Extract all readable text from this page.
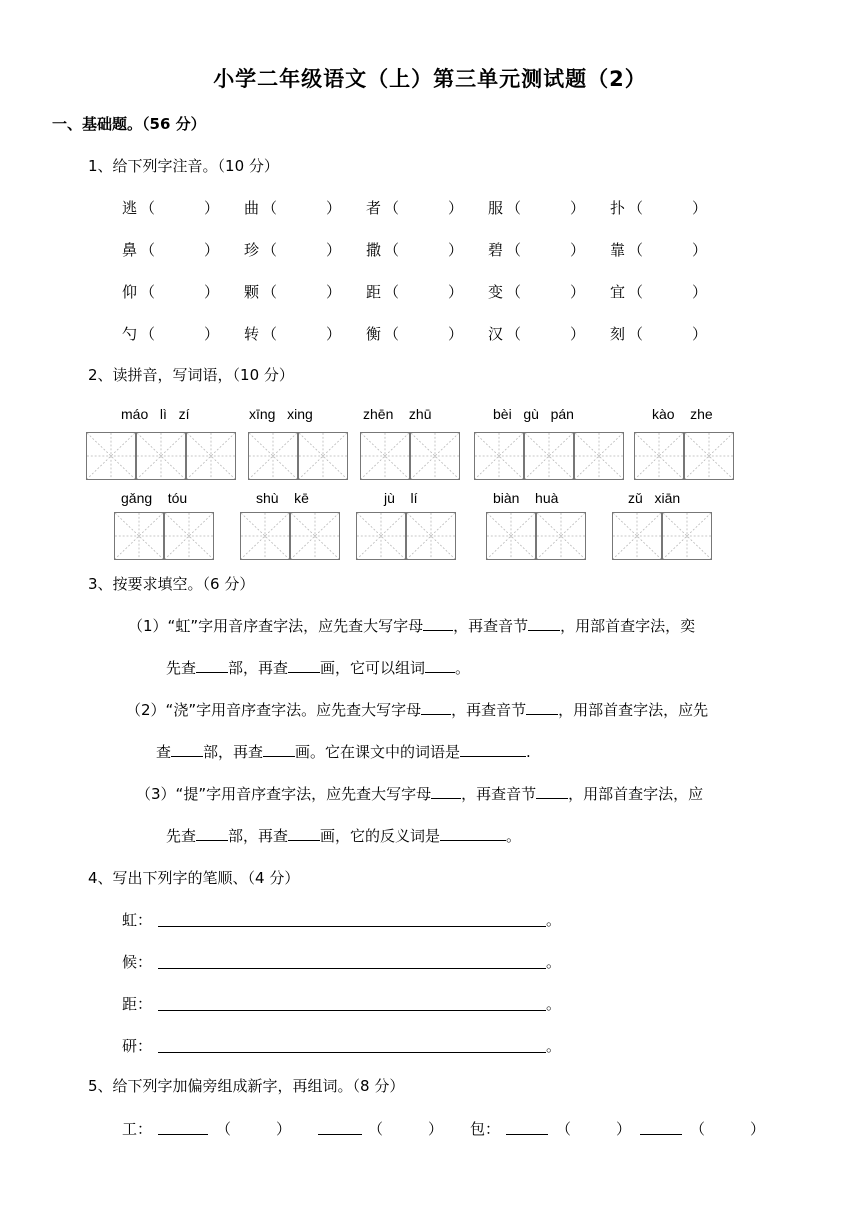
小学二年级语文（上）第三单元测试题（2）
一、基础题。（56 分）
1、给下列字注音。（10 分）
逃 （	） 曲 （	） 者 （	） 服 （	） 扑 （	）
鼻 （	） 珍 （	） 撒 （	） 碧 （	） 靠 （	）
仰 （	） 颗 （	） 距 （	） 变 （	） 宜 （	）
勺 （	） 转 （	） 衡 （	） 汉 （	） 刻 （	）
2、读拼音，写词语，（10 分）
máo   lì   zí	xīng   xing	zhēn    zhū	bèi   gù   pán	kào    zhe
gǎng    tóu	shù    kē	jù    lí	biàn    huà	zǔ   xiān
3、按要求填空。（6 分）
（1）“虹”字用音序查字法，应先查大写字母 ，再查音节 ，用部首查字法，奕
先查 部，再查 画，它可以组词 。
（2）“浇”字用音序查字法。应先查大写字母 ，再查音节 ，用部首查字法，应先
查 部，再查 画。它在课文中的词语是	.
（3）“提”字用音序查字法，应先查大写字母 ，再查音节 ，用部首查字法，应
先查 部，再查 画，它的反义词是	。
4、写出下列字的笔顺、（4 分）
虹：	。
候：	。
距：	。
研：	。
5、给下列字加偏旁组成新字，再组词。（8 分）
工：	（	）	（	） 包：	（	）	（	）
